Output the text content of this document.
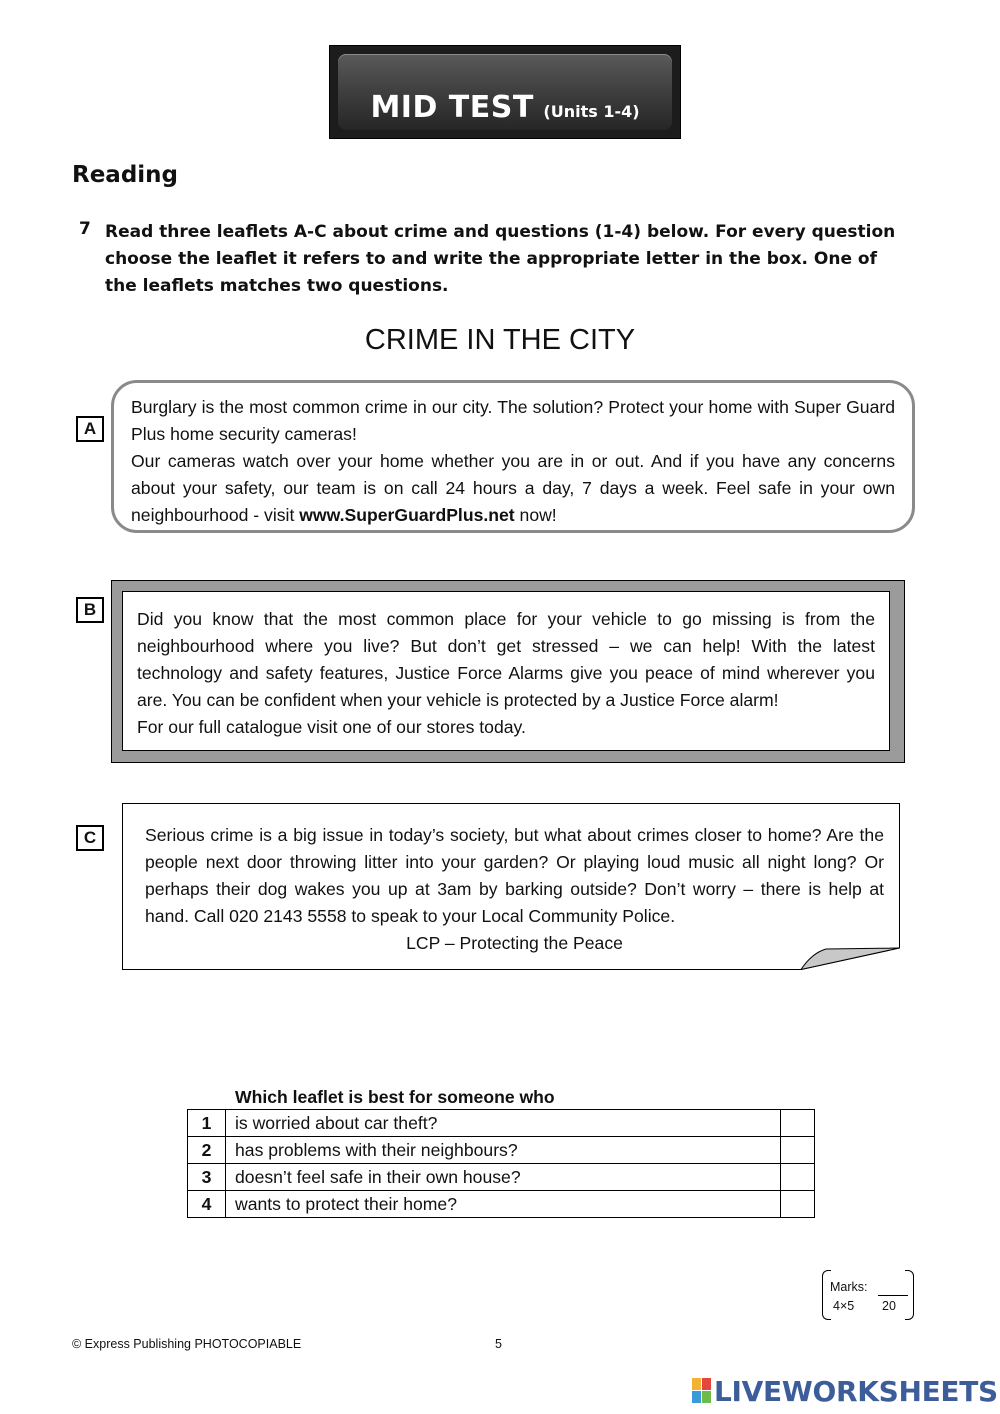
MID TEST (Units 1-4)
Reading
7 Read three leaflets A-C about crime and questions (1-4) below. For every question choose the leaflet it refers to and write the appropriate letter in the box. One of the leaflets matches two questions.
CRIME IN THE CITY
A
Burglary is the most common crime in our city. The solution? Protect your home with Super Guard Plus home security cameras!
Our cameras watch over your home whether you are in or out. And if you have any concerns about your safety, our team is on call 24 hours a day, 7 days a week. Feel safe in your own neighbourhood - visit www.SuperGuardPlus.net now!
B	Did you know that the most common place for your vehicle to go missing is from the neighbourhood where you live? But don’t get stressed – we can help! With the latest technology and safety features, Justice Force Alarms give you peace of mind wherever you are. You can be confident when your vehicle is protected by a Justice Force alarm!
For our full catalogue visit one of our stores today.
C	Serious crime is a big issue in today’s society, but what about crimes closer to home? Are the people next door throwing litter into your garden? Or playing loud music all night long? Or perhaps their dog wakes you up at 3am by barking outside? Don’t worry – there is help at hand. Call 020 2143 5558 to speak to your Local Community Police.
LCP – Protecting the Peace
Which leaflet is best for someone who
1	is worried about car theft?	
2	has problems with their neighbours?	
3	doesn’t feel safe in their own house?	
4	wants to protect their home?	
Marks:
4×5 20
© Express Publishing PHOTOCOPIABLE	5
LIVEWORKSHEETS
